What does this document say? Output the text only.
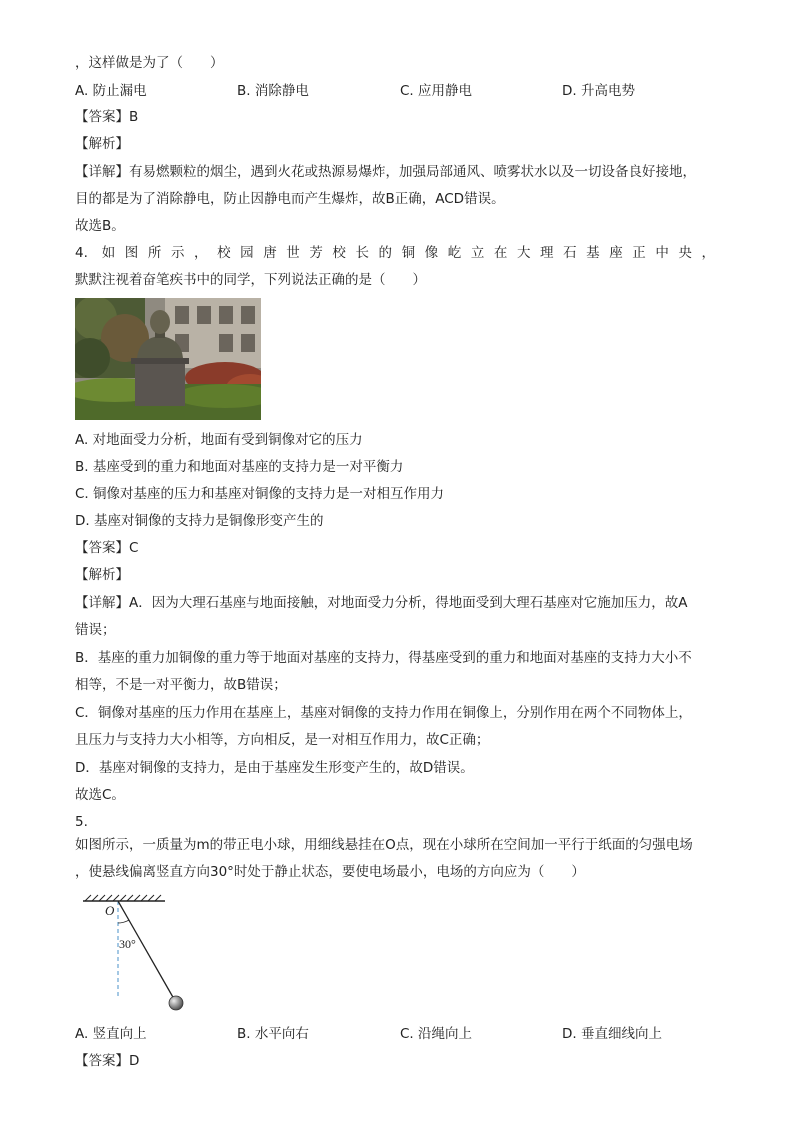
，这样做是为了（　　）
A. 防止漏电	B. 消除静电	C. 应用静电	D. 升高电势
【答案】B
【解析】
【详解】有易燃颗粒的烟尘，遇到火花或热源易爆炸，加强局部通风、喷雾状水以及一切设备良好接地，
目的都是为了消除静电，防止因静电而产生爆炸，故B正确，ACD错误。
故选B。
4. 如图所示，校园唐世芳校长的铜像屹立在大理石基座正中央，
默默注视着奋笔疾书中的同学，下列说法正确的是（　　）
A. 对地面受力分析，地面有受到铜像对它的压力
B. 基座受到的重力和地面对基座的支持力是一对平衡力
C. 铜像对基座的压力和基座对铜像的支持力是一对相互作用力
D. 基座对铜像的支持力是铜像形变产生的
【答案】C
【解析】
【详解】A．因为大理石基座与地面接触，对地面受力分析，得地面受到大理石基座对它施加压力，故A
错误；
B．基座的重力加铜像的重力等于地面对基座的支持力，得基座受到的重力和地面对基座的支持力大小不
相等，不是一对平衡力，故B错误；
C．铜像对基座的压力作用在基座上，基座对铜像的支持力作用在铜像上，分别作用在两个不同物体上，
且压力与支持力大小相等，方向相反，是一对相互作用力，故C正确；
D．基座对铜像的支持力，是由于基座发生形变产生的，故D错误。
故选C。
5.
如图所示，一质量为m的带正电小球，用细线悬挂在O点，现在小球所在空间加一平行于纸面的匀强电场
，使悬线偏离竖直方向30°时处于静止状态，要使电场最小，电场的方向应为（　　）
O
30°
A. 竖直向上	B. 水平向右	C. 沿绳向上	D. 垂直细线向上
【答案】D
